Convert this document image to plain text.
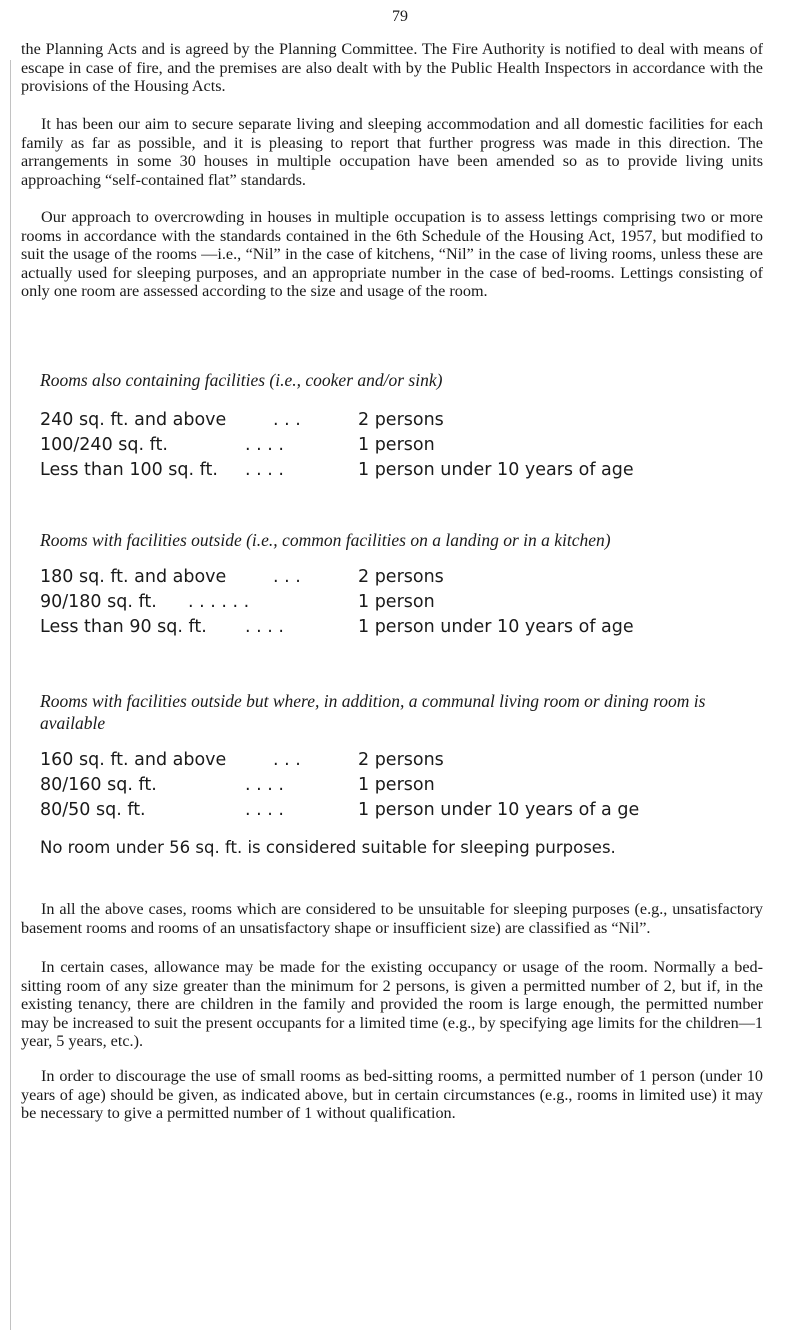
79

the Planning Acts and is agreed by the Planning Committee. The Fire Authority is notified to deal with means of escape in case of fire, and the premises are also dealt with by the Public Health Inspectors in accordance with the provisions of the Housing Acts.

It has been our aim to secure separate living and sleeping accommodation and all domestic facilities for each family as far as possible, and it is pleasing to report that further progress was made in this direction. The arrangements in some 30 houses in multiple occupation have been amended so as to provide living units approaching “self-contained flat” standards.

Our approach to overcrowding in houses in multiple occupation is to assess lettings comprising two or more rooms in accordance with the standards contained in the 6th Schedule of the Housing Act, 1957, but modified to suit the usage of the rooms —i.e., “Nil” in the case of kitchens, “Nil” in the case of living rooms, unless these are actually used for sleeping purposes, and an appropriate number in the case of bed-rooms. Lettings consisting of only one room are assessed according to the size and usage of the room.

Rooms also containing facilities (i.e., cooker and/or sink)

240 sq. ft. and above	. . .	2 persons
100/240 sq. ft.	. . . .	1 person
Less than 100 sq. ft. . . . .	1 person under 10 years of age

Rooms with facilities outside (i.e., common facilities on a landing or in a kitchen)

180 sq. ft. and above	. . .	2 persons
90/180 sq. ft. . . . . . .	1 person
Less than 90 sq. ft. . . . .	1 person under 10 years of age

Rooms with facilities outside but where, in addition, a communal living room or dining room is available

160 sq. ft. and above	. . .	2 persons
80/160 sq. ft.	. . . .	1 person
80/50 sq. ft.	. . . .	1 person under 10 years of a ge

No room under 56 sq. ft. is considered suitable for sleeping purposes.

In all the above cases, rooms which are considered to be unsuitable for sleeping purposes (e.g., unsatisfactory basement rooms and rooms of an unsatisfactory shape or insufficient size) are classified as “Nil”.

In certain cases, allowance may be made for the existing occupancy or usage of the room. Normally a bed-sitting room of any size greater than the minimum for 2 persons, is given a permitted number of 2, but if, in the existing tenancy, there are children in the family and provided the room is large enough, the permitted number may be increased to suit the present occupants for a limited time (e.g., by specifying age limits for the children—1 year, 5 years, etc.).

In order to discourage the use of small rooms as bed-sitting rooms, a permitted number of 1 person (under 10 years of age) should be given, as indicated above, but in certain circumstances (e.g., rooms in limited use) it may be necessary to give a permitted number of 1 without qualification.
